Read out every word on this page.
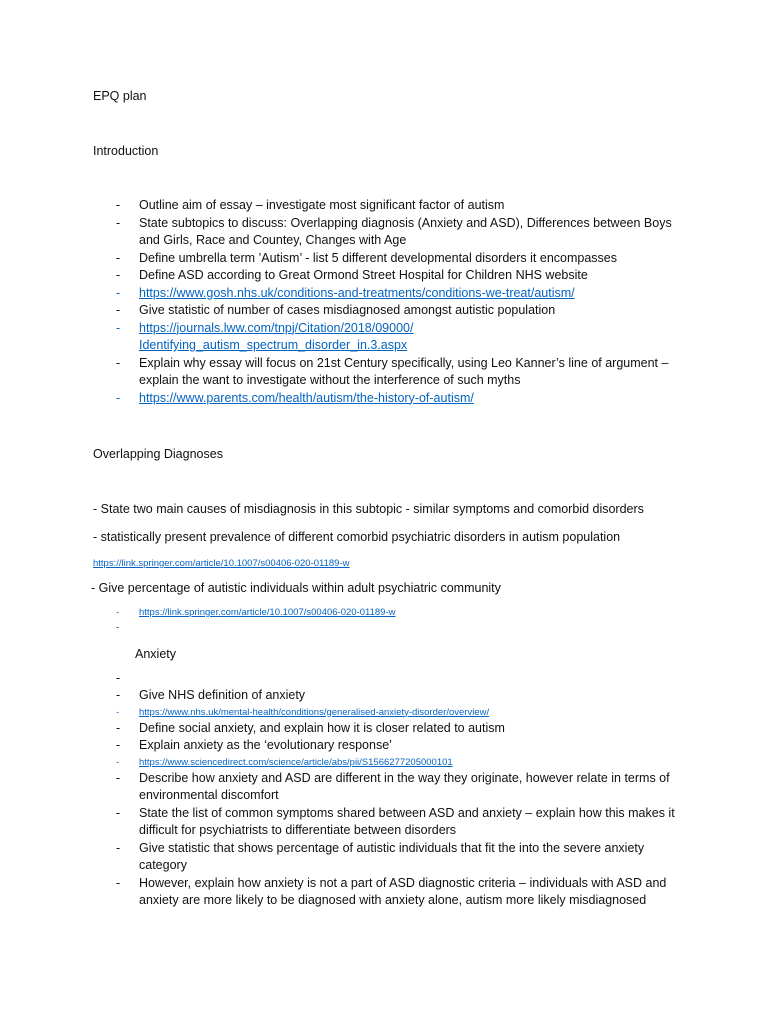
EPQ plan

Introduction

- Outline aim of essay – investigate most significant factor of autism
- State subtopics to discuss: Overlapping diagnosis (Anxiety and ASD), Differences between Boys and Girls, Race and Countey, Changes with Age
- Define umbrella term ’Autism’ - list 5 different developmental disorders it encompasses
- Define ASD according to Great Ormond Street Hospital for Children NHS website
- https://www.gosh.nhs.uk/conditions-and-treatments/conditions-we-treat/autism/
- Give statistic of number of cases misdiagnosed amongst autistic population
- https://journals.lww.com/tnpj/Citation/2018/09000/ Identifying_autism_spectrum_disorder_in.3.aspx
- Explain why essay will focus on 21st Century specifically, using Leo Kanner’s line of argument – explain the want to investigate without the interference of such myths
- https://www.parents.com/health/autism/the-history-of-autism/

Overlapping Diagnoses

- State two main causes of misdiagnosis in this subtopic - similar symptoms and comorbid disorders

- statistically present prevalence of different comorbid psychiatric disorders in autism population

https://link.springer.com/article/10.1007/s00406-020-01189-w

- Give percentage of autistic individuals within adult psychiatric community

- https://link.springer.com/article/10.1007/s00406-020-01189-w

Anxiety

-
- Give NHS definition of anxiety
- https://www.nhs.uk/mental-health/conditions/generalised-anxiety-disorder/overview/
- Define social anxiety, and explain how it is closer related to autism
- Explain anxiety as the ‘evolutionary response’
- https://www.sciencedirect.com/science/article/abs/pii/S1566277205000101
- Describe how anxiety and ASD are different in the way they originate, however relate in terms of environmental discomfort
- State the list of common symptoms shared between ASD and anxiety – explain how this makes it difficult for psychiatrists to differentiate between disorders
- Give statistic that shows percentage of autistic individuals that fit the into the severe anxiety category
- However, explain how anxiety is not a part of ASD diagnostic criteria – individuals with ASD and anxiety are more likely to be diagnosed with anxiety alone, autism more likely misdiagnosed
